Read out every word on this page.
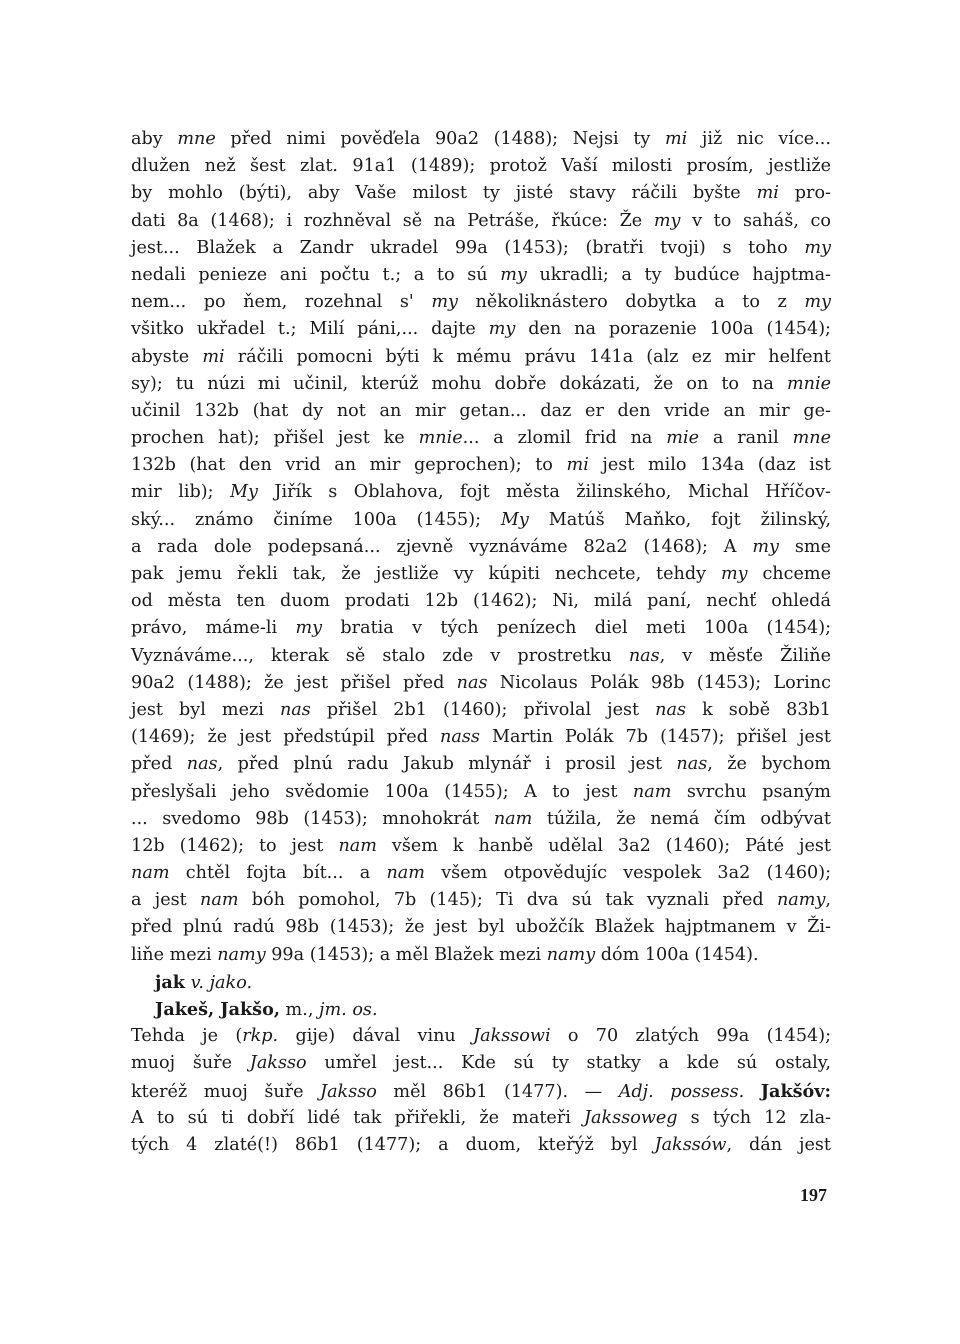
aby mne před nimi pověďela 90a2 (1488); Nejsi ty mi již nic více...
dlužen než šest zlat. 91a1 (1489); protož Vaší milosti prosím, jestliže
by mohlo (býti), aby Vaše milost ty jisté stavy ráčili byšte mi pro-
dati 8a (1468); i rozhněval sě na Petráše, řkúce: Že my v to saháš, co
jest... Blažek a Zandr ukradel 99a (1453); (bratři tvoji) s toho my
nedali penieze ani počtu t.; a to sú my ukradli; a ty budúce hajptma-
nem... po ňem, rozehnal s' my několiknástero dobytka a to z my
všitko ukřadel t.; Milí páni,... dajte my den na porazenie 100a (1454);
abyste mi ráčili pomocni býti k mému právu 141a (alz ez mir helfent
sy); tu núzi mi učinil, kterúž mohu dobře dokázati, že on to na mnie
učinil 132b (hat dy not an mir getan... daz er den vride an mir ge-
prochen hat); přišel jest ke mnie... a zlomil frid na mie a ranil mne
132b (hat den vrid an mir geprochen); to mi jest milo 134a (daz ist
mir lib); My Jiřík s Oblahova, fojt města žilinského, Michal Hříčov-
ský... známo činíme 100a (1455); My Matúš Maňko, fojt žilinský,
a rada dole podepsaná... zjevně vyznáváme 82a2 (1468); A my sme
pak jemu řekli tak, že jestliže vy kúpiti nechcete, tehdy my chceme
od města ten duom prodati 12b (1462); Ni, milá paní, nechť ohledá
právo, máme-li my bratia v tých penízech diel meti 100a (1454);
Vyznáváme..., kterak sě stalo zde v prostretku nas, v měsťe Žiliňe
90a2 (1488); že jest přišel před nas Nicolaus Polák 98b (1453); Lorinc
jest byl mezi nas přišel 2b1 (1460); přivolal jest nas k sobě 83b1
(1469); že jest předstúpil před nass Martin Polák 7b (1457); přišel jest
před nas, před plnú radu Jakub mlynář i prosil jest nas, že bychom
přeslyšali jeho svědomie 100a (1455); A to jest nam svrchu psaným
... svedomo 98b (1453); mnohokrát nam túžila, že nemá čím odbývat
12b (1462); to jest nam všem k hanbě udělal 3a2 (1460); Páté jest
nam chtěl fojta bít... a nam všem otpovědujíc vespolek 3a2 (1460);
a jest nam bóh pomohol, 7b (145); Ti dva sú tak vyznali před namy,
před plnú radú 98b (1453); že jest byl ubožčík Blažek hajptmanem v Ži-
liňe mezi namy 99a (1453); a měl Blažek mezi namy dóm 100a (1454).
jak v. jako.
Jakeš, Jakšo, m., jm. os.
Tehda je (rkp. gije) dával vinu Jakssowi o 70 zlatých 99a (1454);
muoj šuře Jaksso umřel jest... Kde sú ty statky a kde sú ostaly,
kteréž muoj šuře Jaksso měl 86b1 (1477). — Adj. possess. Jakšóv:
A to sú ti dobří lidé tak přiřekli, že mateři Jakssoweg s tých 12 zla-
tých 4 zlaté(!) 86b1 (1477); a duom, kteřýž byl Jakssów, dán jest
197
